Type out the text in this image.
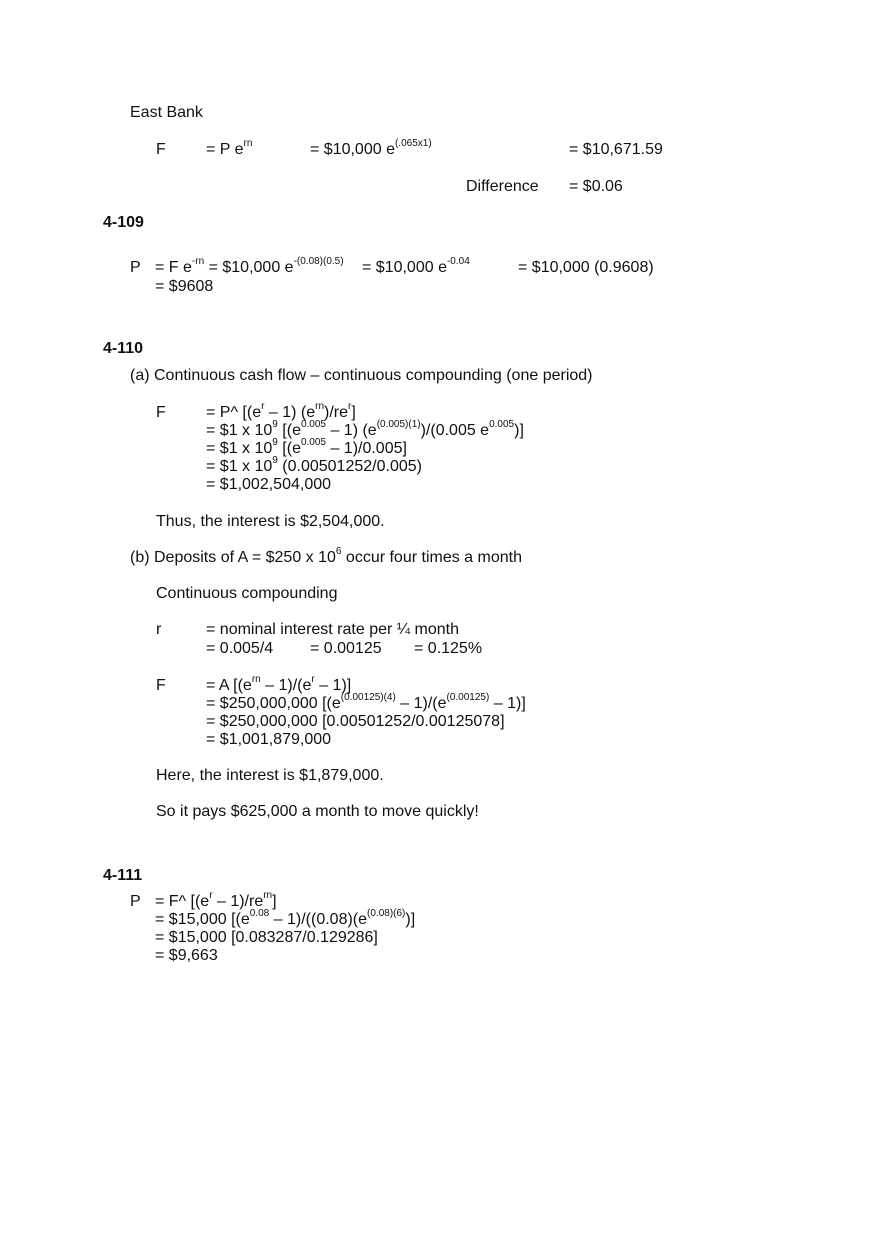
East Bank
F	= P $e^{rn}$	= $10,000 $e^{(.065x1)}$	= $10,671.59
Difference = $0.06
4-109
P = F $e^{-rn}$ = $10,000 $e^{-(0.08)(0.5)}$ = $10,000 $e^{-0.04}$	= $10,000 (0.9608)
= $9608
4-110
(a) Continuous cash flow – continuous compounding (one period)
F	= P^ [$(e^r - 1)$ $(e^{rn})/re^r$]
= $1 x $10^9$ [$(e^{0.005} - 1)$ $(e^{(0.005)(1)})/(0.005$ $e^{0.005}$)]
= $1 x $10^9$ $[(e^{0.005} - 1)/0.005]$
= $1 x $10^9$ (0.00501252/0.005)
= $1,002,504,000
Thus, the interest is $2,504,000.
(b) Deposits of A = $250 x $10^6$ occur four times a month
Continuous compounding
r	= nominal interest rate per ¼ month
= 0.005/4 = 0.00125 = 0.125%
F	= A $[(e^{rn} - 1)/(e^r - 1)]$
= $250,000,000 $[(e^{(0.00125)(4)} - 1)/(e^{(0.00125)} - 1)]$
= $250,000,000 [0.00501252/0.00125078]
= $1,001,879,000
Here, the interest is $1,879,000.
So it pays $625,000 a month to move quickly!
4-111
P = F^ $[(e^r - 1)/re^{rn}]$
= $15,000 [$(e^{0.08} - 1)/((0.08)(e^{(0.08)(6)})]$
= $15,000 [0.083287/0.129286]
= $9,663
